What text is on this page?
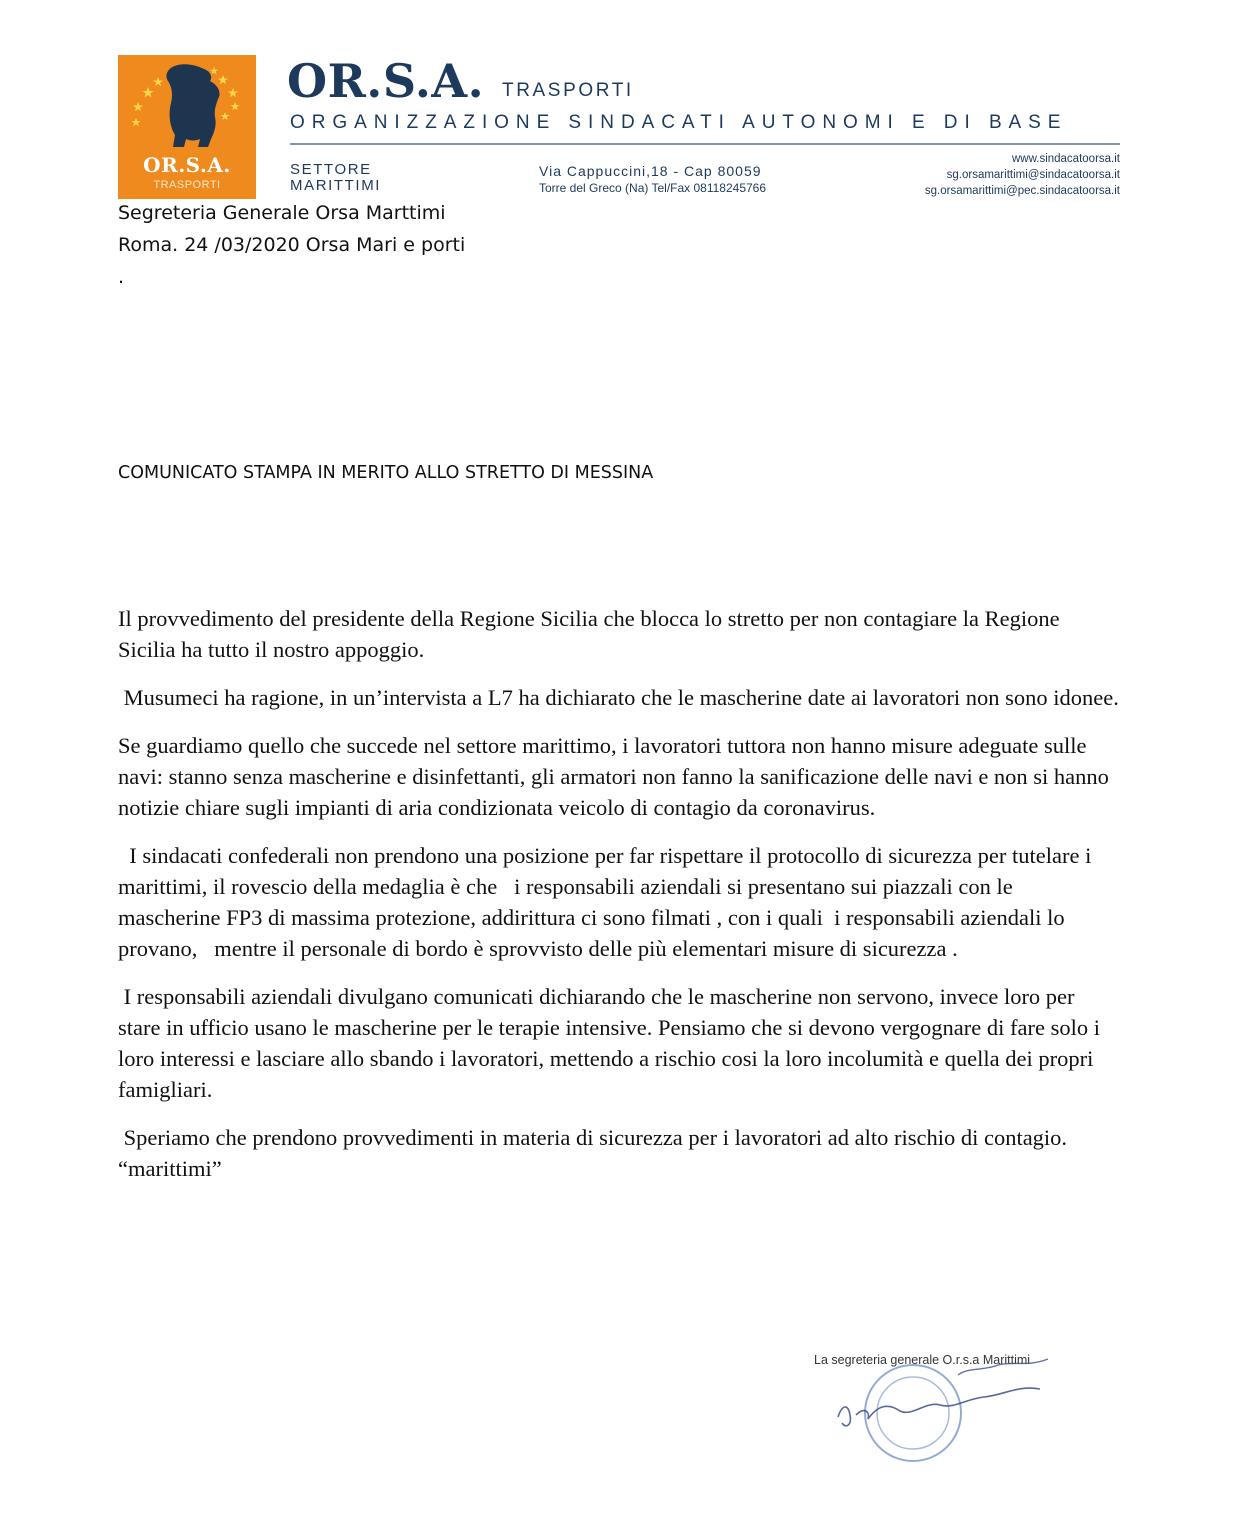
OR.S.A.
TRASPORTI
OR.S.A. TRASPORTI
ORGANIZZAZIONE SINDACATI AUTONOMI E DI BASE
SETTORE
MARITTIMI
Via Cappuccini,18 - Cap 80059
Torre del Greco (Na) Tel/Fax 08118245766
www.sindacatoorsa.it
sg.orsamarittimi@sindacatoorsa.it
sg.orsamarittimi@pec.sindacatoorsa.it
Segreteria Generale Orsa Marttimi
Roma. 24 /03/2020 Orsa Mari e porti
.
COMUNICATO STAMPA IN MERITO ALLO STRETTO DI MESSINA

Il provvedimento del presidente della Regione Sicilia che blocca lo stretto per non contagiare la Regione Sicilia ha tutto il nostro appoggio.

Musumeci ha ragione, in un’intervista a L7 ha dichiarato che le mascherine date ai lavoratori non sono idonee.

Se guardiamo quello che succede nel settore marittimo, i lavoratori tuttora non hanno misure adeguate sulle navi: stanno senza mascherine e disinfettanti, gli armatori non fanno la sanificazione delle navi e non si hanno notizie chiare sugli impianti di aria condizionata veicolo di contagio da coronavirus.

I sindacati confederali non prendono una posizione per far rispettare il protocollo di sicurezza per tutelare i marittimi, il rovescio della medaglia è che   i responsabili aziendali si presentano sui piazzali con le mascherine FP3 di massima protezione, addirittura ci sono filmati , con i quali  i responsabili aziendali lo provano,   mentre il personale di bordo è sprovvisto delle più elementari misure di sicurezza .

I responsabili aziendali divulgano comunicati dichiarando che le mascherine non servono, invece loro per stare in ufficio usano le mascherine per le terapie intensive. Pensiamo che si devono vergognare di fare solo i loro interessi e lasciare allo sbando i lavoratori, mettendo a rischio cosi la loro incolumità e quella dei propri famigliari.

Speriamo che prendono provvedimenti in materia di sicurezza per i lavoratori ad alto rischio di contagio. “marittimi”

La segreteria generale O.r.s.a Marittimi
